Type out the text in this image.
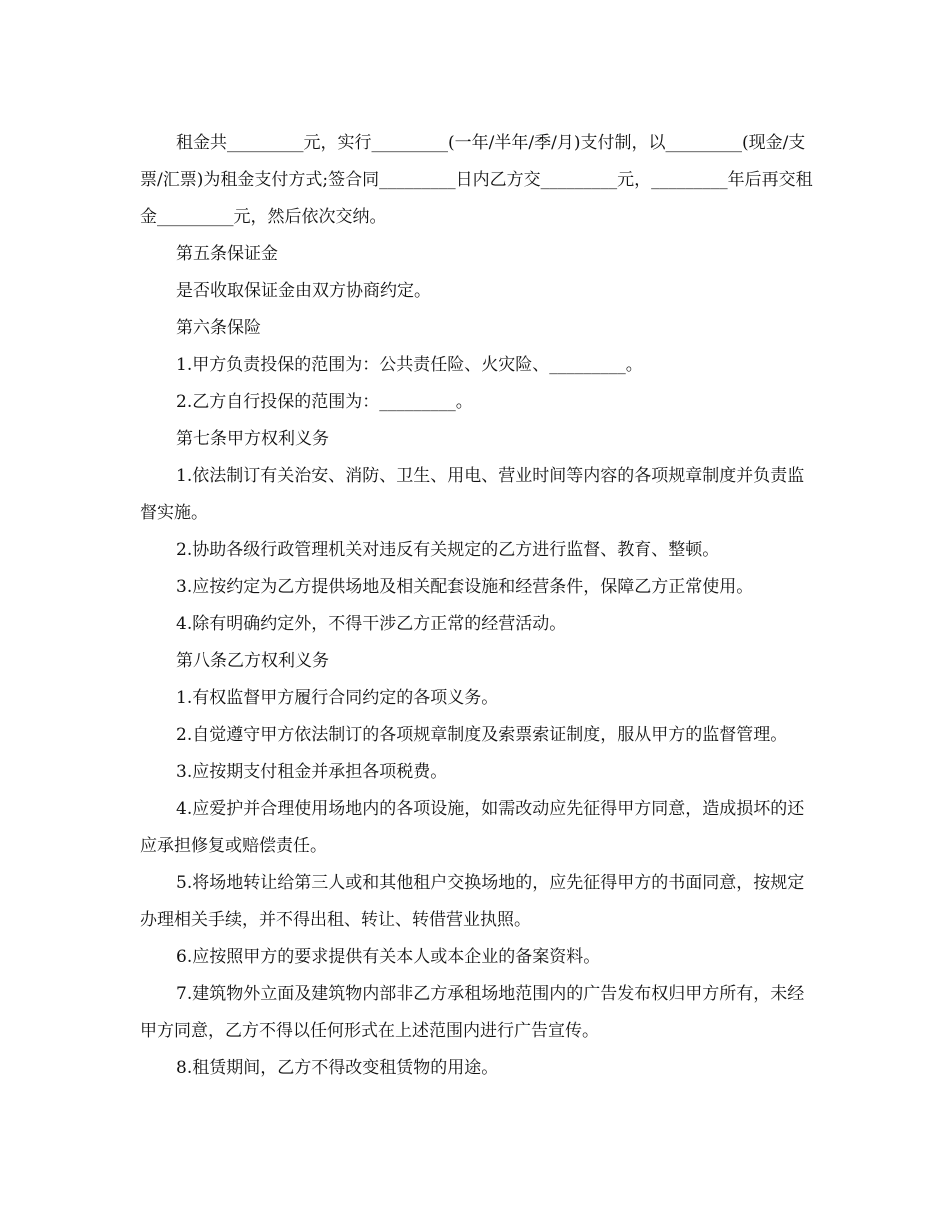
租金共_________元，实行_________(一年/半年/季/月)支付制，以_________(现金/支票/汇票)为租金支付方式;签合同_________日内乙方交_________元，_________年后再交租金_________元，然后依次交纳。

第五条保证金

是否收取保证金由双方协商约定。

第六条保险

1.甲方负责投保的范围为：公共责任险、火灾险、_________。

2.乙方自行投保的范围为：_________。

第七条甲方权利义务

1.依法制订有关治安、消防、卫生、用电、营业时间等内容的各项规章制度并负责监督实施。

2.协助各级行政管理机关对违反有关规定的乙方进行监督、教育、整顿。

3.应按约定为乙方提供场地及相关配套设施和经营条件，保障乙方正常使用。

4.除有明确约定外，不得干涉乙方正常的经营活动。

第八条乙方权利义务

1.有权监督甲方履行合同约定的各项义务。

2.自觉遵守甲方依法制订的各项规章制度及索票索证制度，服从甲方的监督管理。

3.应按期支付租金并承担各项税费。

4.应爱护并合理使用场地内的各项设施，如需改动应先征得甲方同意，造成损坏的还应承担修复或赔偿责任。

5.将场地转让给第三人或和其他租户交换场地的，应先征得甲方的书面同意，按规定办理相关手续，并不得出租、转让、转借营业执照。

6.应按照甲方的要求提供有关本人或本企业的备案资料。

7.建筑物外立面及建筑物内部非乙方承租场地范围内的广告发布权归甲方所有，未经甲方同意，乙方不得以任何形式在上述范围内进行广告宣传。

8.租赁期间，乙方不得改变租赁物的用途。
